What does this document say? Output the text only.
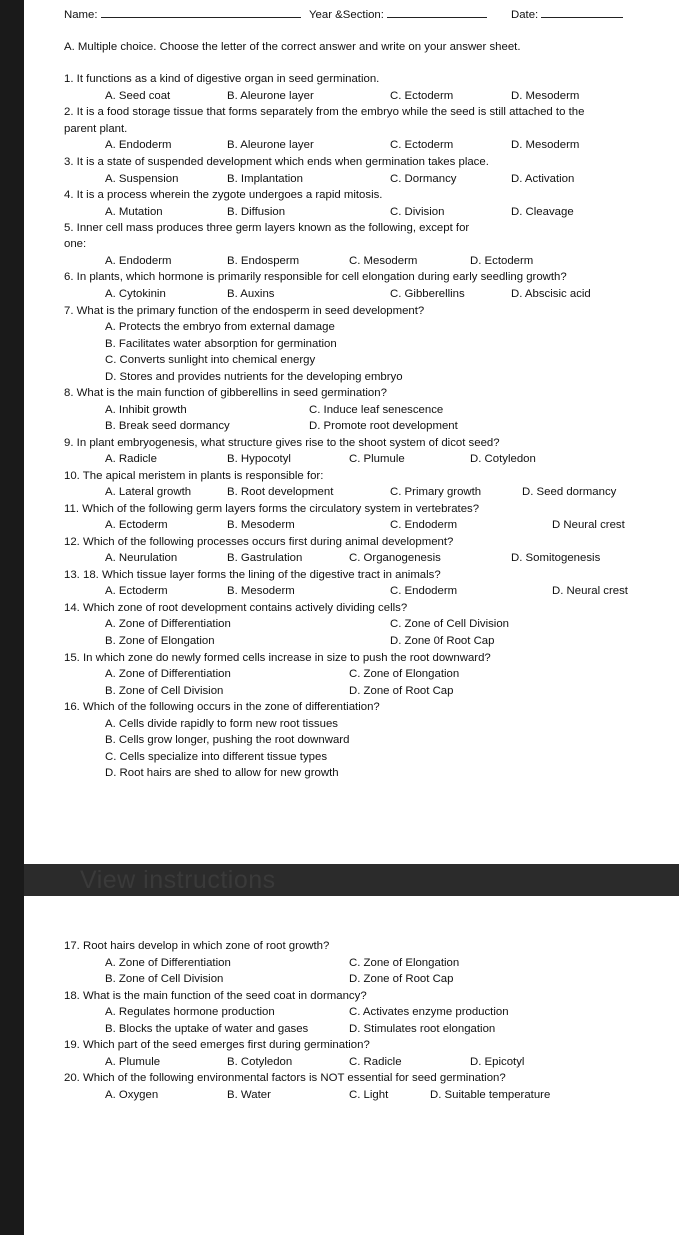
View instructions
Name:	Year &Section:	Date:
A. Multiple choice. Choose the letter of the correct answer and write on your answer sheet.
1. It functions as a kind of digestive organ in seed germination.
A. Seed coat	B. Aleurone layer	C. Ectoderm	D. Mesoderm
2. It is a food storage tissue that forms separately from the embryo while the seed is still attached to the
parent plant.
A. Endoderm	B. Aleurone layer	C. Ectoderm	D. Mesoderm
3. It is a state of suspended development which ends when germination takes place.
A. Suspension	B. Implantation	C. Dormancy	D. Activation
4. It is a process wherein the zygote undergoes a rapid mitosis.
A. Mutation	B. Diffusion	C. Division	D. Cleavage
5. Inner cell mass produces three germ layers known as the following, except for
one:
A. Endoderm	B. Endosperm	C. Mesoderm	D. Ectoderm
6. In plants, which hormone is primarily responsible for cell elongation during early seedling growth?
A. Cytokinin	B. Auxins	C. Gibberellins	D. Abscisic acid
7. What is the primary function of the endosperm in seed development?
A. Protects the embryo from external damage
B. Facilitates water absorption for germination
C. Converts sunlight into chemical energy
D. Stores and provides nutrients for the developing embryo
8. What is the main function of gibberellins in seed germination?
A. Inhibit growth	C. Induce leaf senescence
B. Break seed dormancy	D. Promote root development
9. In plant embryogenesis, what structure gives rise to the shoot system of dicot seed?
A. Radicle	B. Hypocotyl	C. Plumule	D. Cotyledon
10. The apical meristem in plants is responsible for:
A. Lateral growth	B. Root development	C. Primary growth	D. Seed dormancy
11. Which of the following germ layers forms the circulatory system in vertebrates?
A. Ectoderm	B. Mesoderm	C. Endoderm	D Neural crest
12. Which of the following processes occurs first during animal development?
A. Neurulation	B. Gastrulation	C. Organogenesis	D. Somitogenesis
13. 18. Which tissue layer forms the lining of the digestive tract in animals?
A. Ectoderm	B. Mesoderm	C. Endoderm	D. Neural crest
14. Which zone of root development contains actively dividing cells?
A. Zone of Differentiation	C. Zone of Cell Division
B. Zone of Elongation	D. Zone 0f Root Cap
15. In which zone do newly formed cells increase in size to push the root downward?
A. Zone of Differentiation	C. Zone of Elongation
B. Zone of Cell Division	D. Zone of Root Cap
16. Which of the following occurs in the zone of differentiation?
A. Cells divide rapidly to form new root tissues
B. Cells grow longer, pushing the root downward
C. Cells specialize into different tissue types
D. Root hairs are shed to allow for new growth
17. Root hairs develop in which zone of root growth?
A. Zone of Differentiation	C. Zone of Elongation
B. Zone of Cell Division	D. Zone of Root Cap
18. What is the main function of the seed coat in dormancy?
A. Regulates hormone production	C. Activates enzyme production
B. Blocks the uptake of water and gases	D. Stimulates root elongation
19. Which part of the seed emerges first during germination?
A. Plumule	B. Cotyledon	C. Radicle	D. Epicotyl
20. Which of the following environmental factors is NOT essential for seed germination?
A. Oxygen	B. Water	C. Light	D. Suitable temperature
